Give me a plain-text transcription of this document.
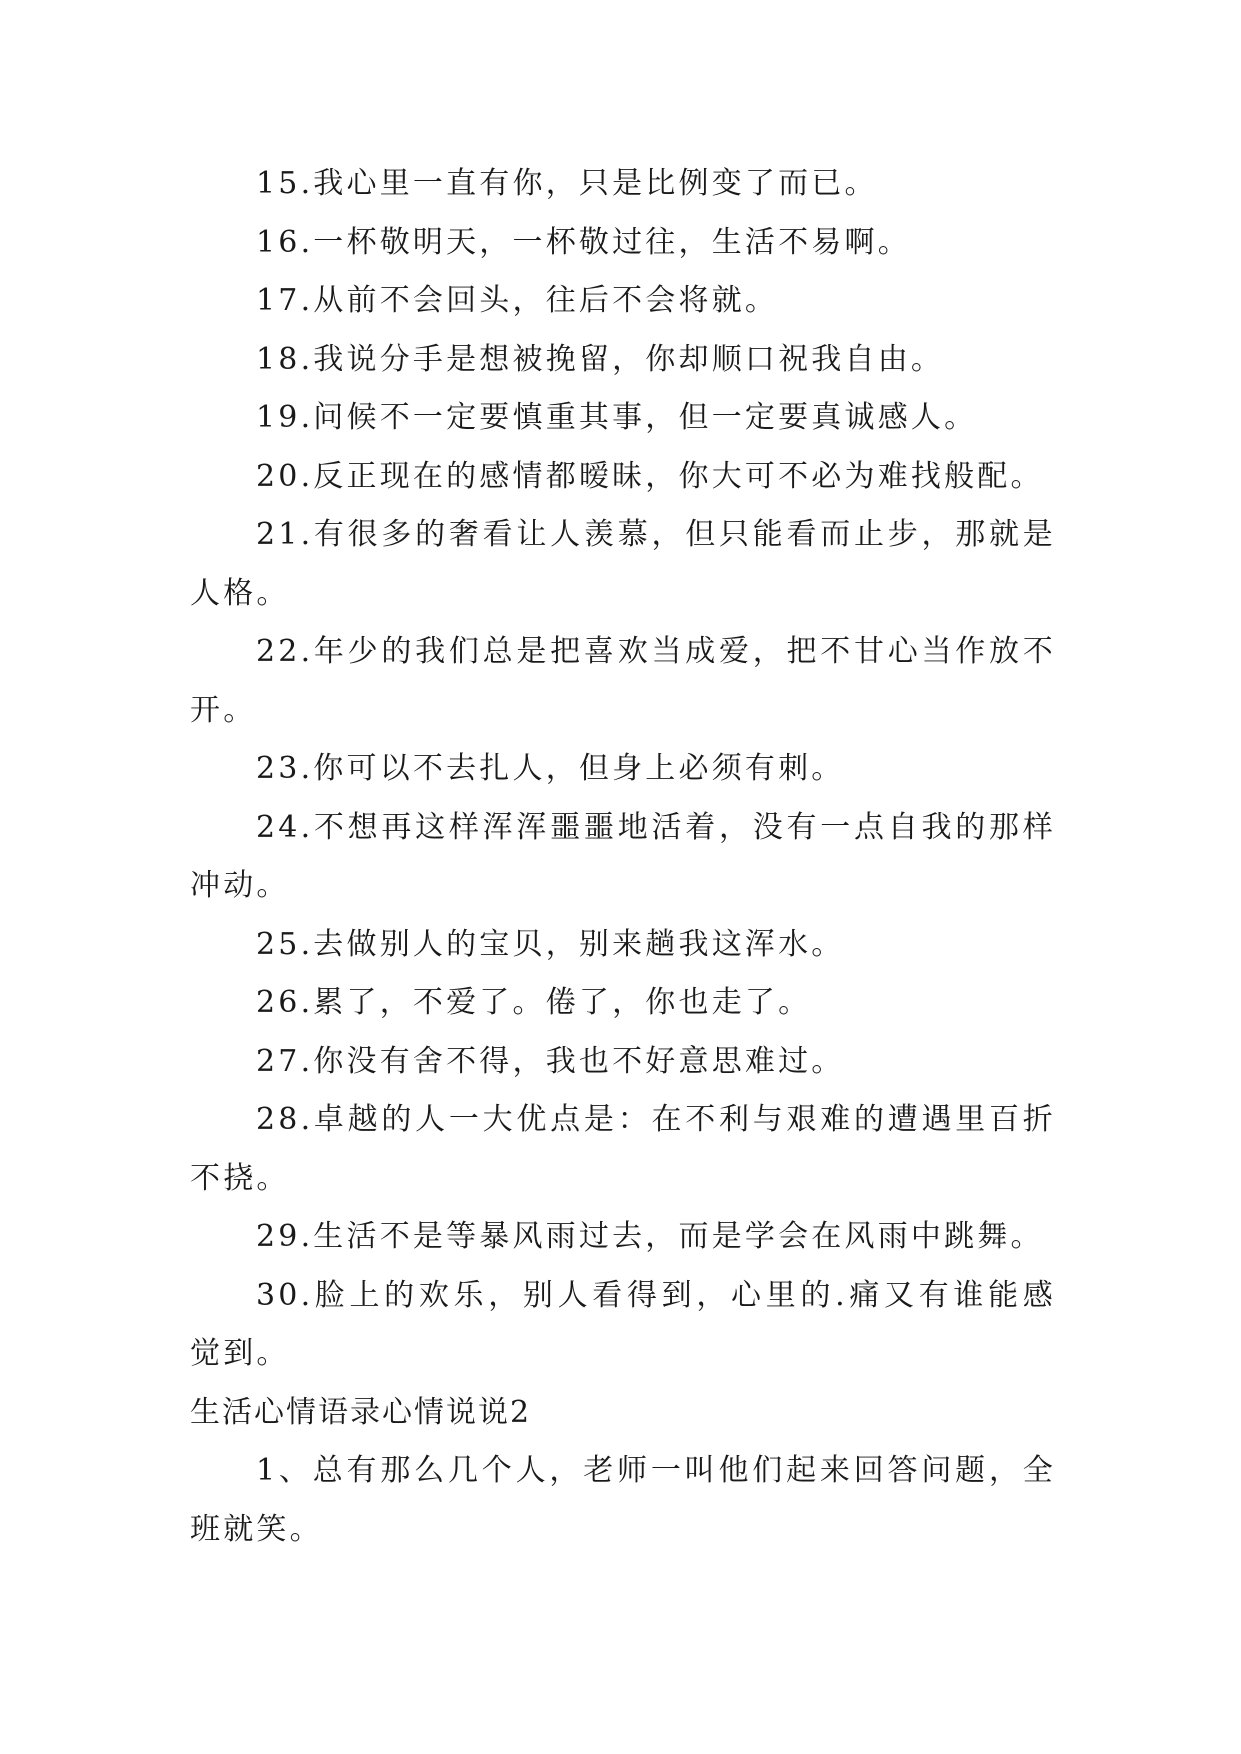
15.我心里一直有你，只是比例变了而已。

16.一杯敬明天，一杯敬过往，生活不易啊。

17.从前不会回头，往后不会将就。

18.我说分手是想被挽留，你却顺口祝我自由。

19.问候不一定要慎重其事，但一定要真诚感人。

20.反正现在的感情都暧昧，你大可不必为难找般配。

21.有很多的奢看让人羡慕，但只能看而止步，那就是人格。

22.年少的我们总是把喜欢当成爱，把不甘心当作放不开。

23.你可以不去扎人，但身上必须有刺。

24.不想再这样浑浑噩噩地活着，没有一点自我的那样冲动。

25.去做别人的宝贝，别来趟我这浑水。

26.累了，不爱了。倦了，你也走了。

27.你没有舍不得，我也不好意思难过。

28.卓越的人一大优点是：在不利与艰难的遭遇里百折不挠。

29.生活不是等暴风雨过去，而是学会在风雨中跳舞。

30.脸上的欢乐，别人看得到，心里的.痛又有谁能感觉到。

生活心情语录心情说说2

1、总有那么几个人，老师一叫他们起来回答问题，全班就笑。
